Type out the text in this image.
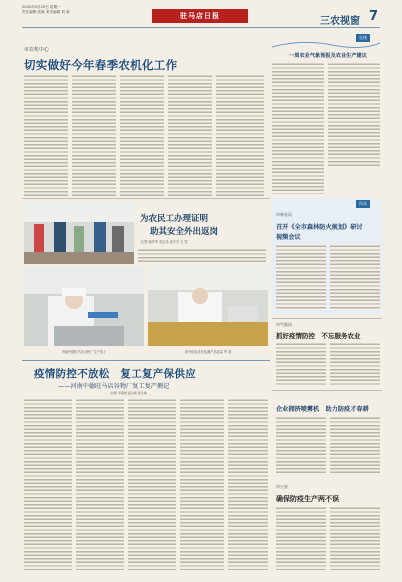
2020年3月29日 星期一
责任编辑 张新 美术编辑 刘 新	驻马店日报
三农视窗 7
市农机中心
切实做好今年春季农机化工作
在线
一周农业气象预报及农业生产建议
为农民工办理证明
助其安全外出返岗
文/图 杨学军 袁红伟 高宇宇 王 雪
河南中德旺马店谷物厂生产线上	面中检验员在检测产品质量 罗 剑
风采
市林业局
召开《全市森林防火规划》研讨
视频会议
市气象局
抓好疫情防控　不忘服务农业
疫情防控不放松　复工复产保供应
——河南中德旺马店谷物厂复工复产侧记
文/图 李海林 盛运艳 蒋冬梅
企业拥挤喷雾机　助力防疫才春耕
市公安
确保防疫生产两不误
